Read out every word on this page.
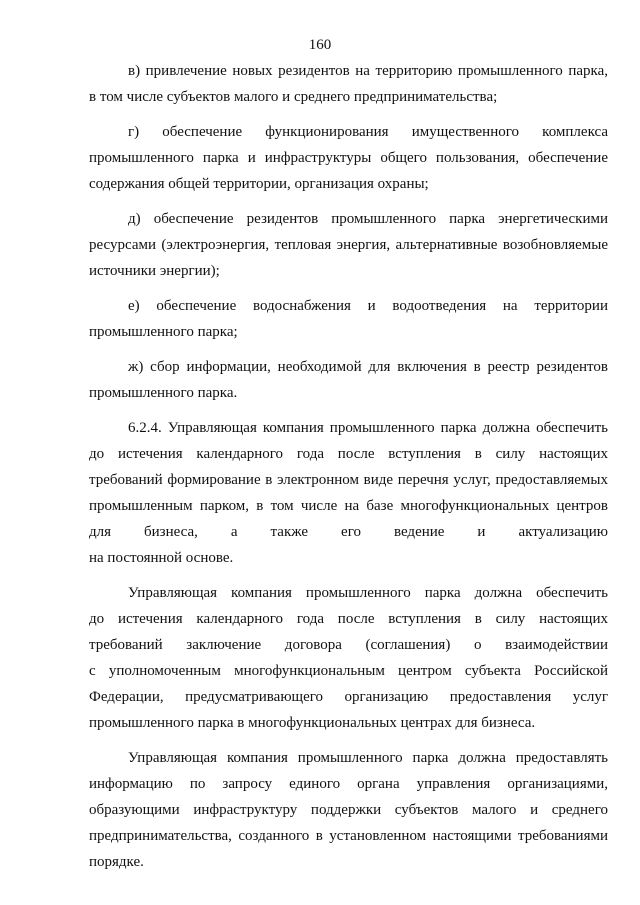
160
в) привлечение новых резидентов на территорию промышленного парка,
в том числе субъектов малого и среднего предпринимательства;
г) обеспечение функционирования имущественного комплекса
промышленного парка и инфраструктуры общего пользования, обеспечение
содержания общей территории, организация охраны;
д) обеспечение резидентов промышленного парка энергетическими
ресурсами (электроэнергия, тепловая энергия, альтернативные возобновляемые
источники энергии);
е) обеспечение водоснабжения и водоотведения на территории
промышленного парка;
ж) сбор информации, необходимой для включения в реестр резидентов
промышленного парка.
6.2.4. Управляющая компания промышленного парка должна обеспечить
до истечения календарного года после вступления в силу настоящих
требований формирование в электронном виде перечня услуг, предоставляемых
промышленным парком, в том числе на базе многофункциональных центров
для бизнеса, а также его ведение и актуализацию
на постоянной основе.
Управляющая компания промышленного парка должна обеспечить
до истечения календарного года после вступления в силу настоящих
требований заключение договора (соглашения) о взаимодействии
с уполномоченным многофункциональным центром субъекта Российской
Федерации, предусматривающего организацию предоставления услуг
промышленного парка в многофункциональных центрах для бизнеса.
Управляющая компания промышленного парка должна предоставлять
информацию по запросу единого органа управления организациями,
образующими инфраструктуру поддержки субъектов малого и среднего
предпринимательства, созданного в установленном настоящими требованиями
порядке.
